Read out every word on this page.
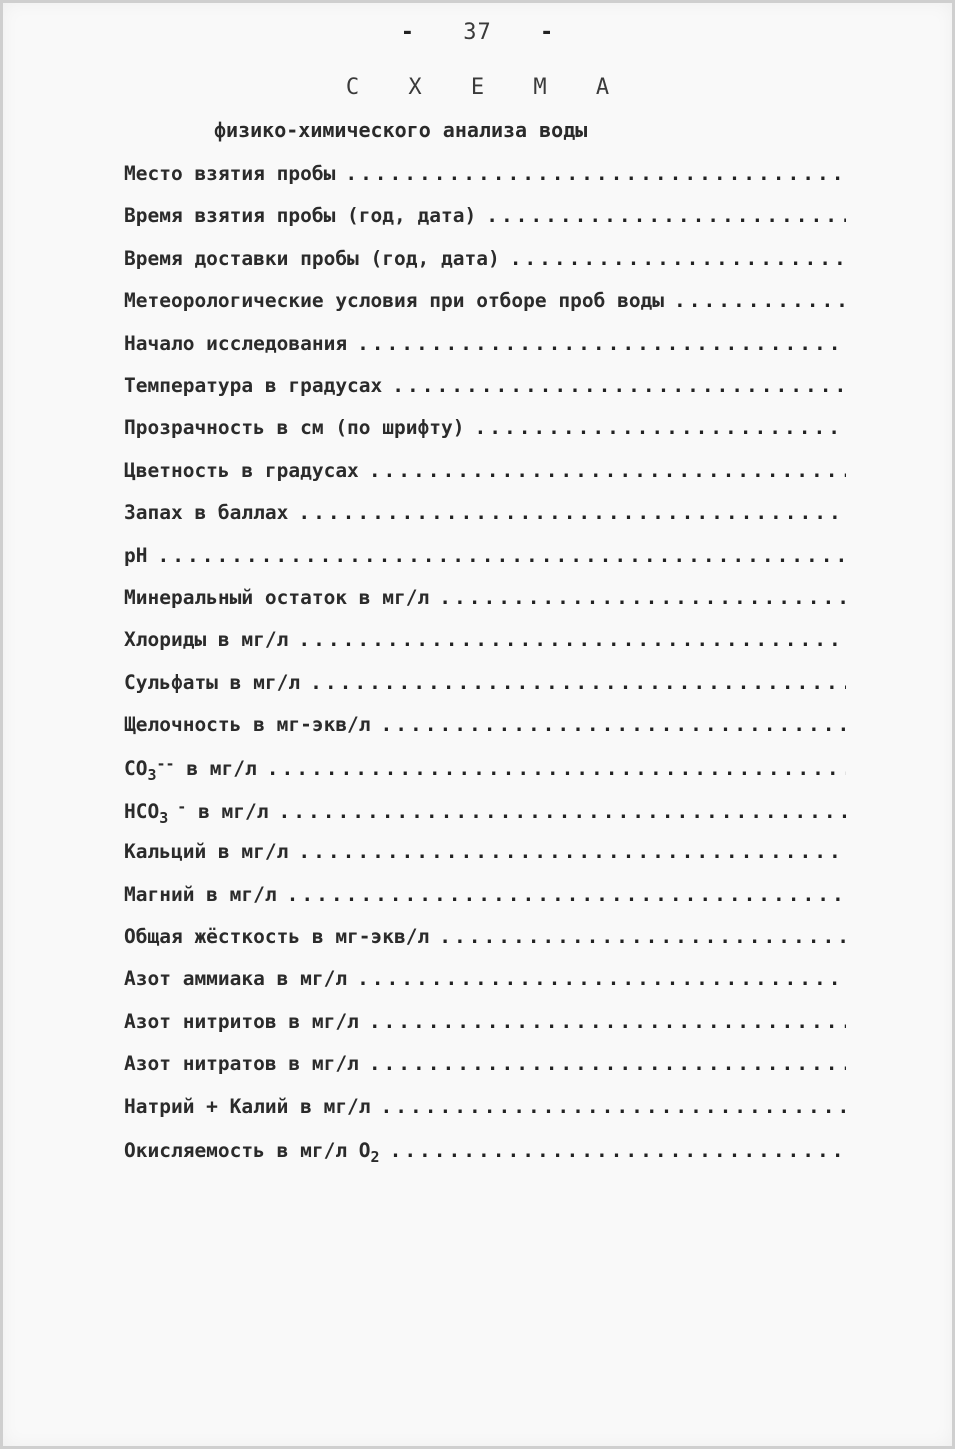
- 37 -
С Х Е М А
физико-химического анализа воды
Место взятия пробы
.....
Время взятия пробы (год, дата)
.....
Время доставки пробы (год, дата)
.....
Метеорологические условия при отборе проб воды
.....
Начало исследования
.....
Температура в градусах
.....
Прозрачность в см (по шрифту)
.....
Цветность в градусах
.....
Запах в баллах
.....
pH
.....
Минеральный остаток в мг/л
.....
Хлориды в мг/л
.....
Сульфаты в мг/л
.....
Щелочность в мг-экв/л
.....
$CO_3^{--}$ в мг/л
.....
$HCO_3$ - в мг/л
.....
Кальций в мг/л
.....
Магний в мг/л
.....
Общая жёсткость в мг-экв/л
.....
Азот аммиака в мг/л
.....
Азот нитритов в мг/л
.....
Азот нитратов в мг/л
.....
Натрий + Калий в мг/л
.....
Окисляемость в мг/л $O_2$
.....
